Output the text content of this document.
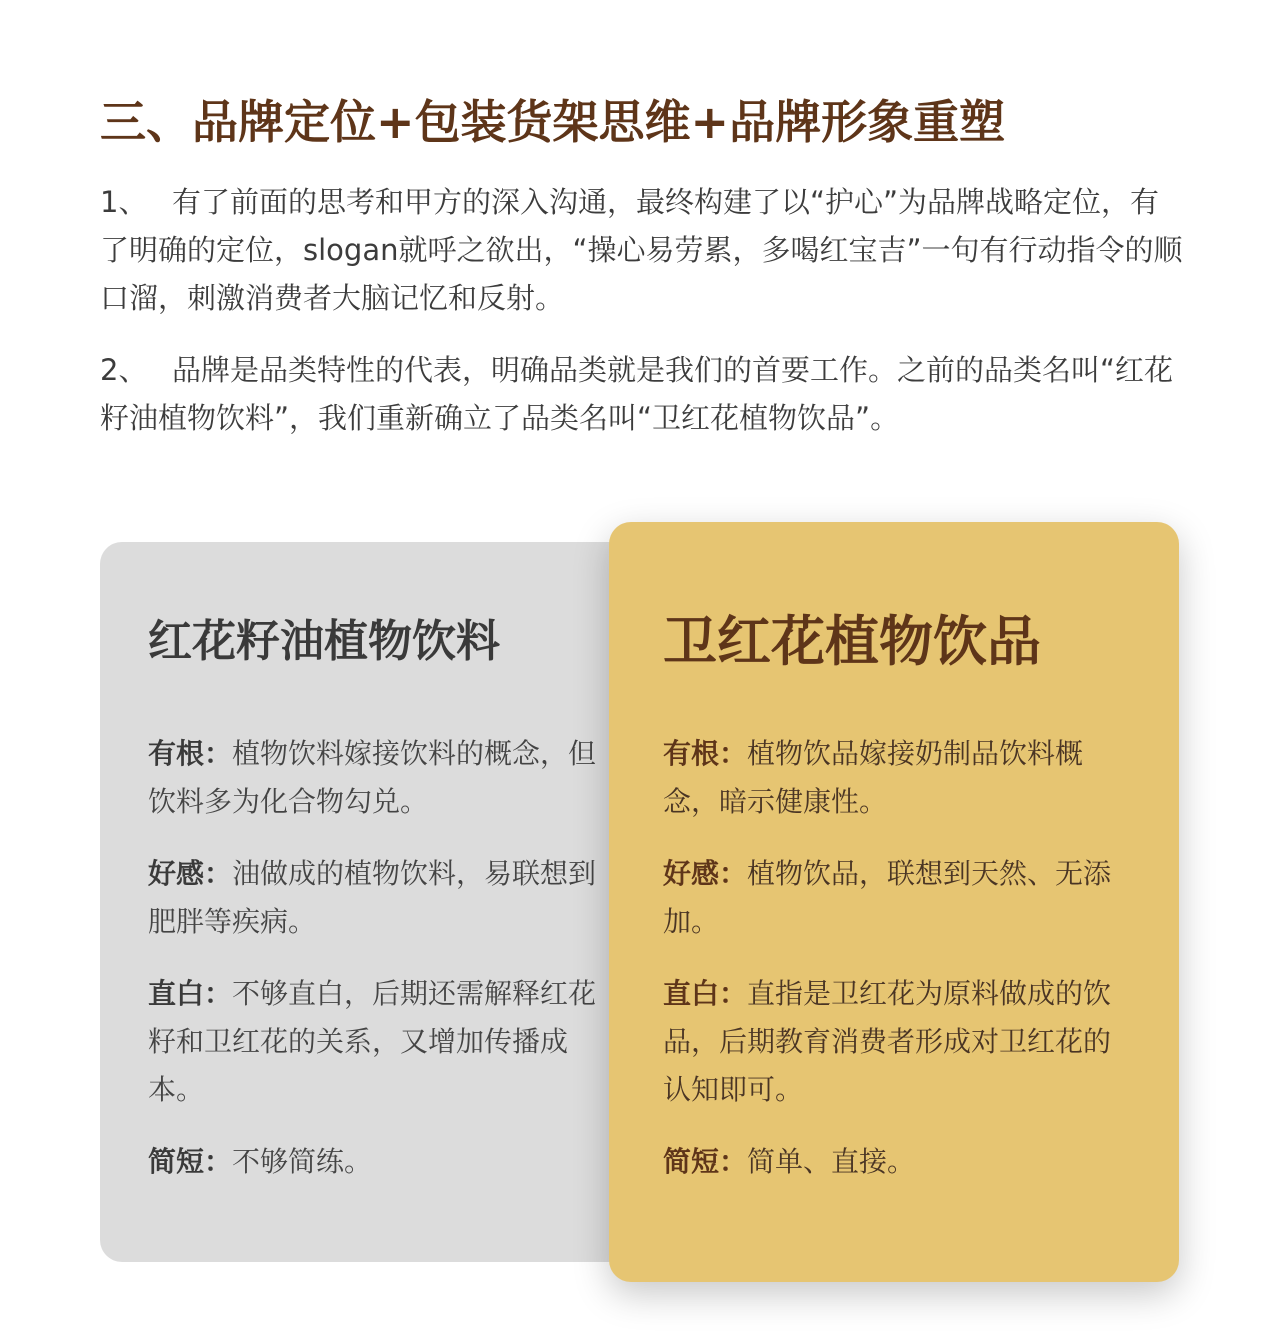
三、品牌定位+包装货架思维+品牌形象重塑

1、 有了前面的思考和甲方的深入沟通，最终构建了以“护心”为品牌战略定位，有了明确的定位，slogan就呼之欲出，“操心易劳累，多喝红宝吉”一句有行动指令的顺口溜，刺激消费者大脑记忆和反射。

2、 品牌是品类特性的代表，明确品类就是我们的首要工作。之前的品类名叫“红花籽油植物饮料”，我们重新确立了品类名叫“卫红花植物饮品”。

红花籽油植物饮料

有根：植物饮料嫁接饮料的概念，但饮料多为化合物勾兑。

好感：油做成的植物饮料，易联想到肥胖等疾病。

直白：不够直白，后期还需解释红花籽和卫红花的关系，又增加传播成本。

简短：不够简练。

卫红花植物饮品

有根：植物饮品嫁接奶制品饮料概念，暗示健康性。

好感：植物饮品，联想到天然、无添加。

直白：直指是卫红花为原料做成的饮品，后期教育消费者形成对卫红花的认知即可。

简短：简单、直接。
